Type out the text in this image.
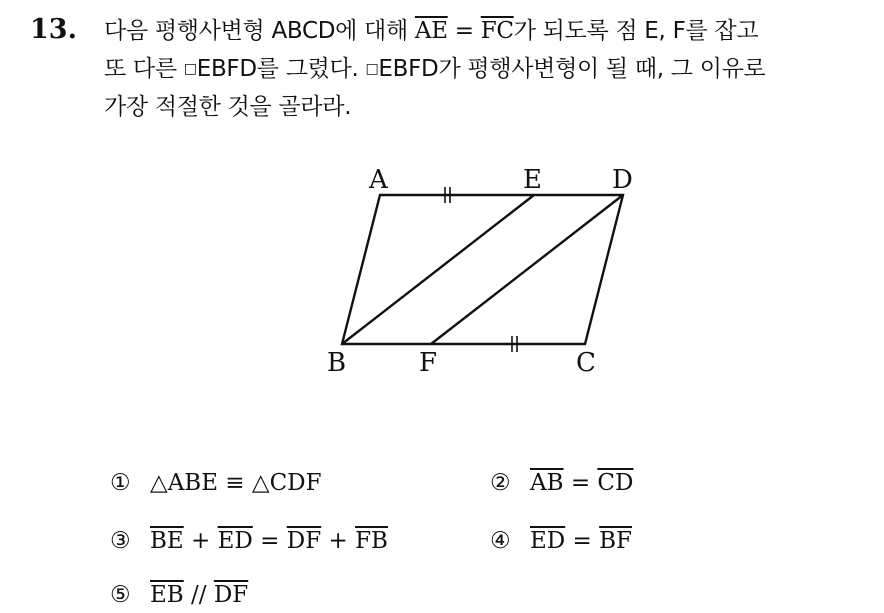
13. 다음 평행사변형 ABCD에 대해 $\overline{AE} = \overline{FC}$가 되도록 점 E, F를 잡고
또 다른 □EBFD를 그렸다. □EBFD가 평행사변형이 될 때, 그 이유로
가장 적절한 것을 골라라.
A	E	D
B	F	C
① △ABE ≡ △CDF	② $\overline{AB} = \overline{CD}$
③ $\overline{BE} + \overline{ED} = \overline{DF} + \overline{FB}$	④ $\overline{ED} = \overline{BF}$
⑤ $\overline{EB} // \overline{DF}$
